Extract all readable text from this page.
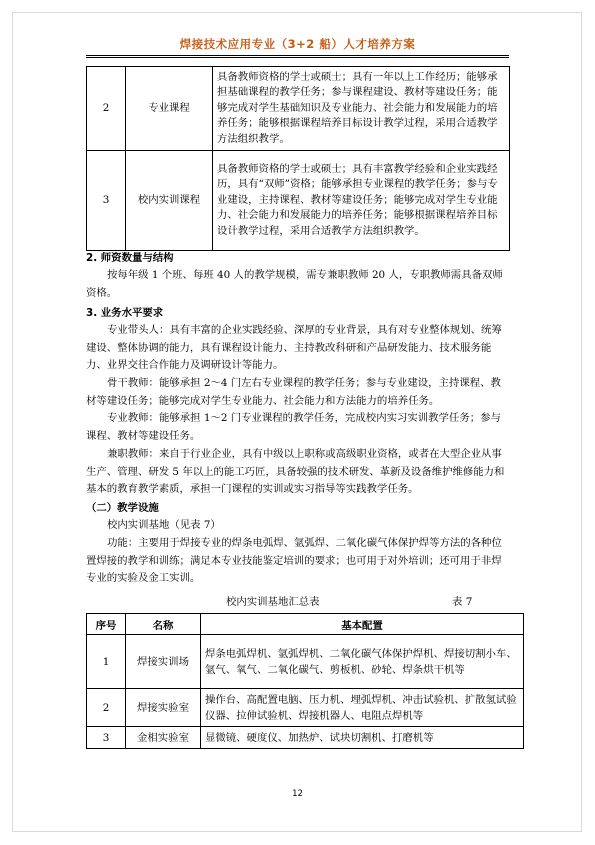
焊接技术应用专业（3+2 船）人才培养方案
2	专业课程	具备教师资格的学士或硕士；具有一年以上工作经历；能够承担基础课程的教学任务；参与课程建设、教材等建设任务；能够完成对学生基础知识及专业能力、社会能力和发展能力的培养任务；能够根据课程培养目标设计教学过程，采用合适教学方法组织教学。
3	校内实训课程	具备教师资格的学士或硕士；具有丰富教学经验和企业实践经历，具有“双师”资格；能够承担专业课程的教学任务；参与专业建设，主持课程、教材等建设任务；能够完成对学生专业能力、社会能力和发展能力的培养任务；能够根据课程培养目标设计教学过程，采用合适教学方法组织教学。
2. 师资数量与结构
按每年级 1 个班、每班 40 人的教学规模，需专兼职教师 20 人，专职教师需具备双师资格。
3. 业务水平要求
专业带头人：具有丰富的企业实践经验、深厚的专业背景，具有对专业整体规划、统筹建设、整体协调的能力，具有课程设计能力、主持教改科研和产品研发能力、技术服务能力、业界交往合作能力及调研设计等能力。
骨干教师：能够承担 2～4 门左右专业课程的教学任务；参与专业建设，主持课程、教材等建设任务；能够完成对学生专业能力、社会能力和方法能力的培养任务。
专业教师：能够承担 1～2 门专业课程的教学任务，完成校内实习实训教学任务；参与课程、教材等建设任务。
兼职教师：来自于行业企业，具有中级以上职称或高级职业资格，或者在大型企业从事生产、管理、研发 5 年以上的能工巧匠，具备较强的技术研发、革新及设备维护维修能力和基本的教育教学素质，承担一门课程的实训或实习指导等实践教学任务。
（二）教学设施
校内实训基地（见表 7）
功能：主要用于焊接专业的焊条电弧焊、氩弧焊、二氧化碳气体保护焊等方法的各种位置焊接的教学和训练；满足本专业技能鉴定培训的要求；也可用于对外培训；还可用于非焊专业的实验及金工实训。
校内实训基地汇总表	表 7
序号	名称	基本配置
1	焊接实训场	焊条电弧焊机、氩弧焊机、二氧化碳气体保护焊机、焊接切割小车、氩气、氧气、二氧化碳气、剪板机、砂轮、焊条烘干机等
2	焊接实验室	操作台、高配置电脑、压力机、埋弧焊机、冲击试验机、扩散氢试验仪器、拉伸试验机、焊接机器人、电阻点焊机等
3	金相实验室	显微镜、硬度仪、加热炉、试块切割机、打磨机等
12
